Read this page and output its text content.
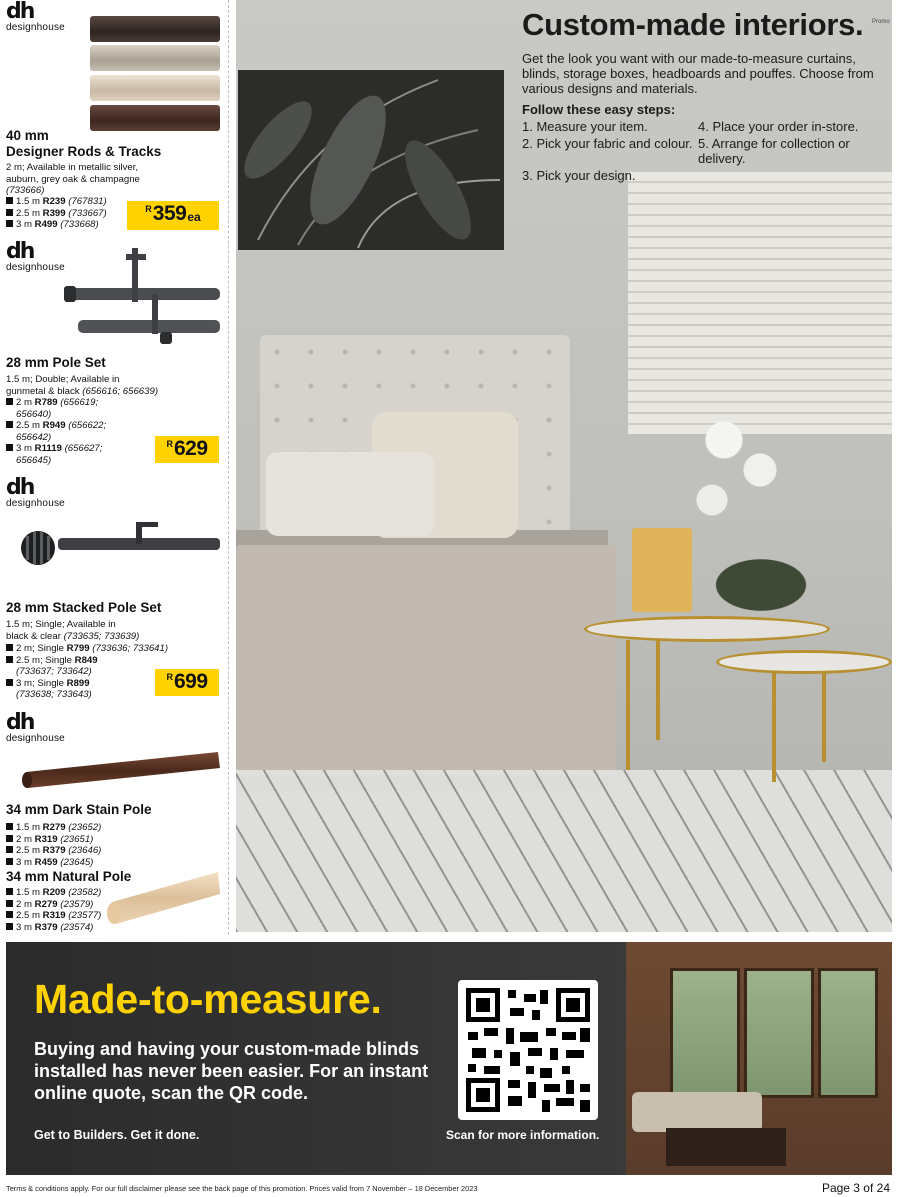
dh
designhouse
40 mm
Designer Rods & Tracks
2 m; Available in metallic silver,
auburn, grey oak & champagne
(733666)
1.5 m R239 (767831)
2.5 m R399 (733667)
3 m R499 (733668)
R 359 ea
dh
designhouse
28 mm Pole Set
1.5 m; Double; Available in
gunmetal & black (656616; 656639)
2 m R789 (656619;
656640)
2.5 m R949 (656622;
656642)
3 m R1119 (656627;
656645)
R 629
dh
designhouse
28 mm Stacked Pole Set
1.5 m; Single; Available in
black & clear (733635; 733639)
2 m; Single R799 (733636; 733641)
2.5 m; Single R849
(733637; 733642)
3 m; Single R899
(733638; 733643)
R 699
dh
designhouse
34 mm Dark Stain Pole
1.5 m R279 (23652)
2 m R319 (23651)
2.5 m R379 (23646)
3 m R459 (23645)
34 mm Natural Pole
1.5 m R209 (23582)
2 m R279 (23579)
2.5 m R319 (23577)
3 m R379 (23574)
Custom-made interiors.
Get the look you want with our made-to-measure curtains, blinds, storage boxes, headboards and pouffes. Choose from various designs and materials.
Follow these easy steps:
1. Measure your item.	4. Place your order in-store.
2. Pick your fabric and colour. 5. Arrange for collection or delivery.
3. Pick your design.
Promo
Made-to-measure.
Buying and having your custom-made blinds installed has never been easier. For an instant online quote, scan the QR code.
Get to Builders. Get it done.	Scan for more information.
Terms & conditions apply. For our full disclaimer please see the back page of this promotion. Prices valid from 7 November – 18 December 2023	Page 3 of 24
